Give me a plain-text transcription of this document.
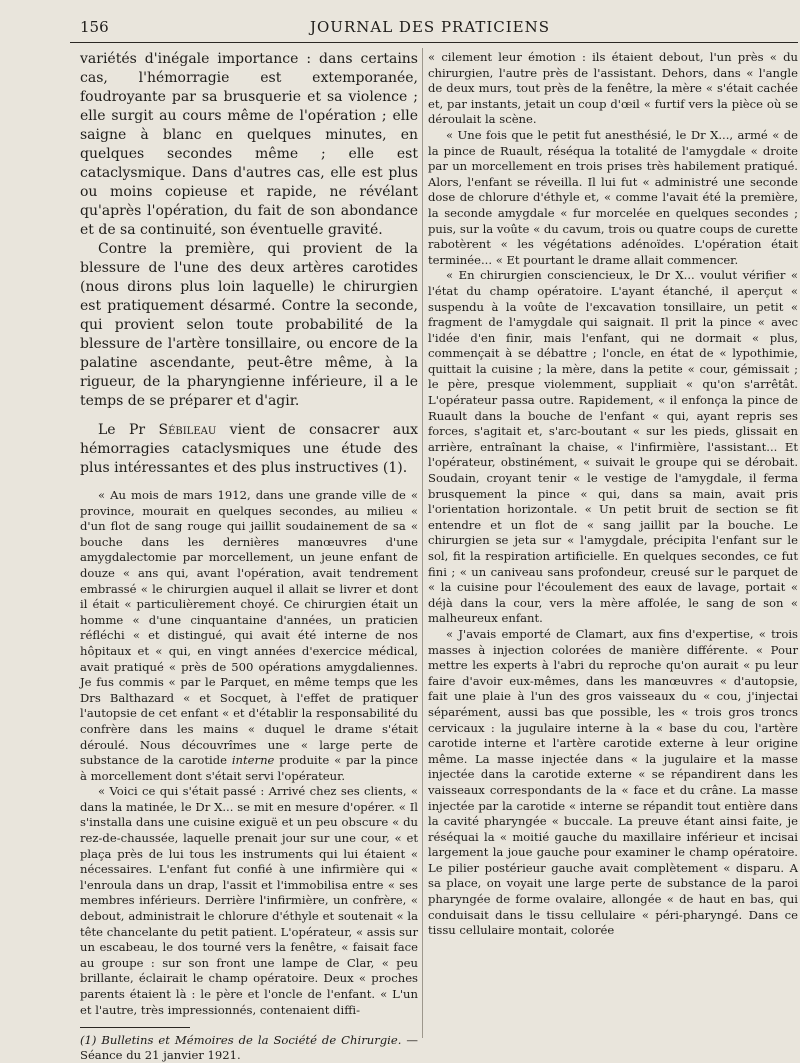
156	JOURNAL DES PRATICIENS

variétés d'inégale importance : dans certains cas, l'hémorragie est extemporanée, foudroyante par sa brusquerie et sa violence ; elle surgit au cours même de l'opération ; elle saigne à blanc en quelques minutes, en quelques secondes même ; elle est cataclysmique. Dans d'autres cas, elle est plus ou moins copieuse et rapide, ne révélant qu'après l'opération, du fait de son abondance et de sa continuité, son éventuelle gravité.

Contre la première, qui provient de la blessure de l'une des deux artères carotides (nous dirons plus loin laquelle) le chirurgien est pratiquement désarmé. Contre la seconde, qui provient selon toute probabilité de la blessure de l'artère tonsillaire, ou encore de la palatine ascendante, peut-être même, à la rigueur, de la pharyngienne inférieure, il a le temps de se préparer et d'agir.

Le Pr Sébileau vient de consacrer aux hémorragies cataclysmiques une étude des plus intéressantes et des plus instructives (1).

« Au mois de mars 1912, dans une grande ville de « province, mourait en quelques secondes, au milieu « d'un flot de sang rouge qui jaillit soudainement de sa « bouche dans les dernières manœuvres d'une amygdalectomie par morcellement, un jeune enfant de douze « ans qui, avant l'opération, avait tendrement embrassé « le chirurgien auquel il allait se livrer et dont il était « particulièrement choyé. Ce chirurgien était un homme « d'une cinquantaine d'années, un praticien réfléchi « et distingué, qui avait été interne de nos hôpitaux et « qui, en vingt années d'exercice médical, avait pratiqué « près de 500 opérations amygdaliennes. Je fus commis « par le Parquet, en même temps que les Drs Balthazard « et Socquet, à l'effet de pratiquer l'autopsie de cet enfant « et d'établir la responsabilité du confrère dans les mains « duquel le drame s'était déroulé. Nous découvrîmes une « large perte de substance de la carotide interne produite « par la pince à morcellement dont s'était servi l'opérateur.

« Voici ce qui s'était passé : Arrivé chez ses clients, « dans la matinée, le Dr X... se mit en mesure d'opérer. « Il s'installa dans une cuisine exiguë et un peu obscure « du rez-de-chaussée, laquelle prenait jour sur une cour, « et plaça près de lui tous les instruments qui lui étaient « nécessaires. L'enfant fut confié à une infirmière qui « l'enroula dans un drap, l'assit et l'immobilisa entre « ses membres inférieurs. Derrière l'infirmière, un confrère, « debout, administrait le chlorure d'éthyle et soutenait « la tête chancelante du petit patient. L'opérateur, « assis sur un escabeau, le dos tourné vers la fenêtre, « faisait face au groupe : sur son front une lampe de Clar, « peu brillante, éclairait le champ opératoire. Deux « proches parents étaient là : le père et l'oncle de l'enfant. « L'un et l'autre, très impressionnés, contenaient diffi-

(1) Bulletins et Mémoires de la Société de Chirurgie. — Séance du 21 janvier 1921.

« cilement leur émotion : ils étaient debout, l'un près « du chirurgien, l'autre près de l'assistant. Dehors, dans « l'angle de deux murs, tout près de la fenêtre, la mère « s'était cachée et, par instants, jetait un coup d'œil « furtif vers la pièce où se déroulait la scène.

« Une fois que le petit fut anesthésié, le Dr X..., armé « de la pince de Ruault, réséqua la totalité de l'amygdale « droite par un morcellement en trois prises très habilement pratiqué. Alors, l'enfant se réveilla. Il lui fut « administré une seconde dose de chlorure d'éthyle et, « comme l'avait été la première, la seconde amygdale « fur morcelée en quelques secondes ; puis, sur la voûte « du cavum, trois ou quatre coups de curette rabotèrent « les végétations adénoïdes. L'opération était terminée... « Et pourtant le drame allait commencer.

« En chirurgien consciencieux, le Dr X... voulut vérifier « l'état du champ opératoire. L'ayant étanché, il aperçut « suspendu à la voûte de l'excavation tonsillaire, un petit « fragment de l'amygdale qui saignait. Il prit la pince « avec l'idée d'en finir, mais l'enfant, qui ne dormait « plus, commençait à se débattre ; l'oncle, en état de « lypothimie, quittait la cuisine ; la mère, dans la petite « cour, gémissait ; le père, presque violemment, suppliait « qu'on s'arrêtât. L'opérateur passa outre. Rapidement, « il enfonça la pince de Ruault dans la bouche de l'enfant « qui, ayant repris ses forces, s'agitait et, s'arc-boutant « sur les pieds, glissait en arrière, entraînant la chaise, « l'infirmière, l'assistant... Et l'opérateur, obstinément, « suivait le groupe qui se dérobait. Soudain, croyant tenir « le vestige de l'amygdale, il ferma brusquement la pince « qui, dans sa main, avait pris l'orientation horizontale. « Un petit bruit de section se fit entendre et un flot de « sang jaillit par la bouche. Le chirurgien se jeta sur « l'amygdale, précipita l'enfant sur le sol, fit la respiration artificielle. En quelques secondes, ce fut fini ; « un caniveau sans profondeur, creusé sur le parquet de « la cuisine pour l'écoulement des eaux de lavage, portait « déjà dans la cour, vers la mère affolée, le sang de son « malheureux enfant.

« J'avais emporté de Clamart, aux fins d'expertise, « trois masses à injection colorées de manière différente. « Pour mettre les experts à l'abri du reproche qu'on aurait « pu leur faire d'avoir eux-mêmes, dans les manœuvres « d'autopsie, fait une plaie à l'un des gros vaisseaux du « cou, j'injectai séparément, aussi bas que possible, les « trois gros troncs cervicaux : la jugulaire interne à la « base du cou, l'artère carotide interne et l'artère carotide externe à leur origine même. La masse injectée dans « la jugulaire et la masse injectée dans la carotide externe « se répandirent dans les vaisseaux correspondants de la « face et du crâne. La masse injectée par la carotide « interne se répandit tout entière dans la cavité pharyngée « buccale. La preuve étant ainsi faite, je réséquai la « moitié gauche du maxillaire inférieur et incisai largement la joue gauche pour examiner le champ opératoire. Le pilier postérieur gauche avait complètement « disparu. A sa place, on voyait une large perte de substance de la paroi pharyngée de forme ovalaire, allongée « de haut en bas, qui conduisait dans le tissu cellulaire « péri-pharyngé. Dans ce tissu cellulaire montait, colorée
